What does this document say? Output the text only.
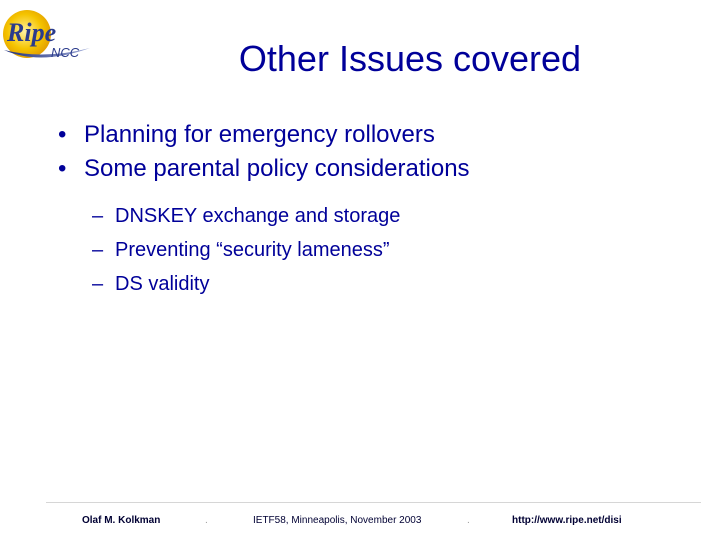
Ripe
NCC	Other Issues covered
• Planning for emergency rollovers
• Some parental policy considerations
– DNSKEY exchange and storage
– Preventing “security lameness”
– DS validity
Olaf M. Kolkman	.	IETF58, Minneapolis, November 2003	.	http://www.ripe.net/disi
